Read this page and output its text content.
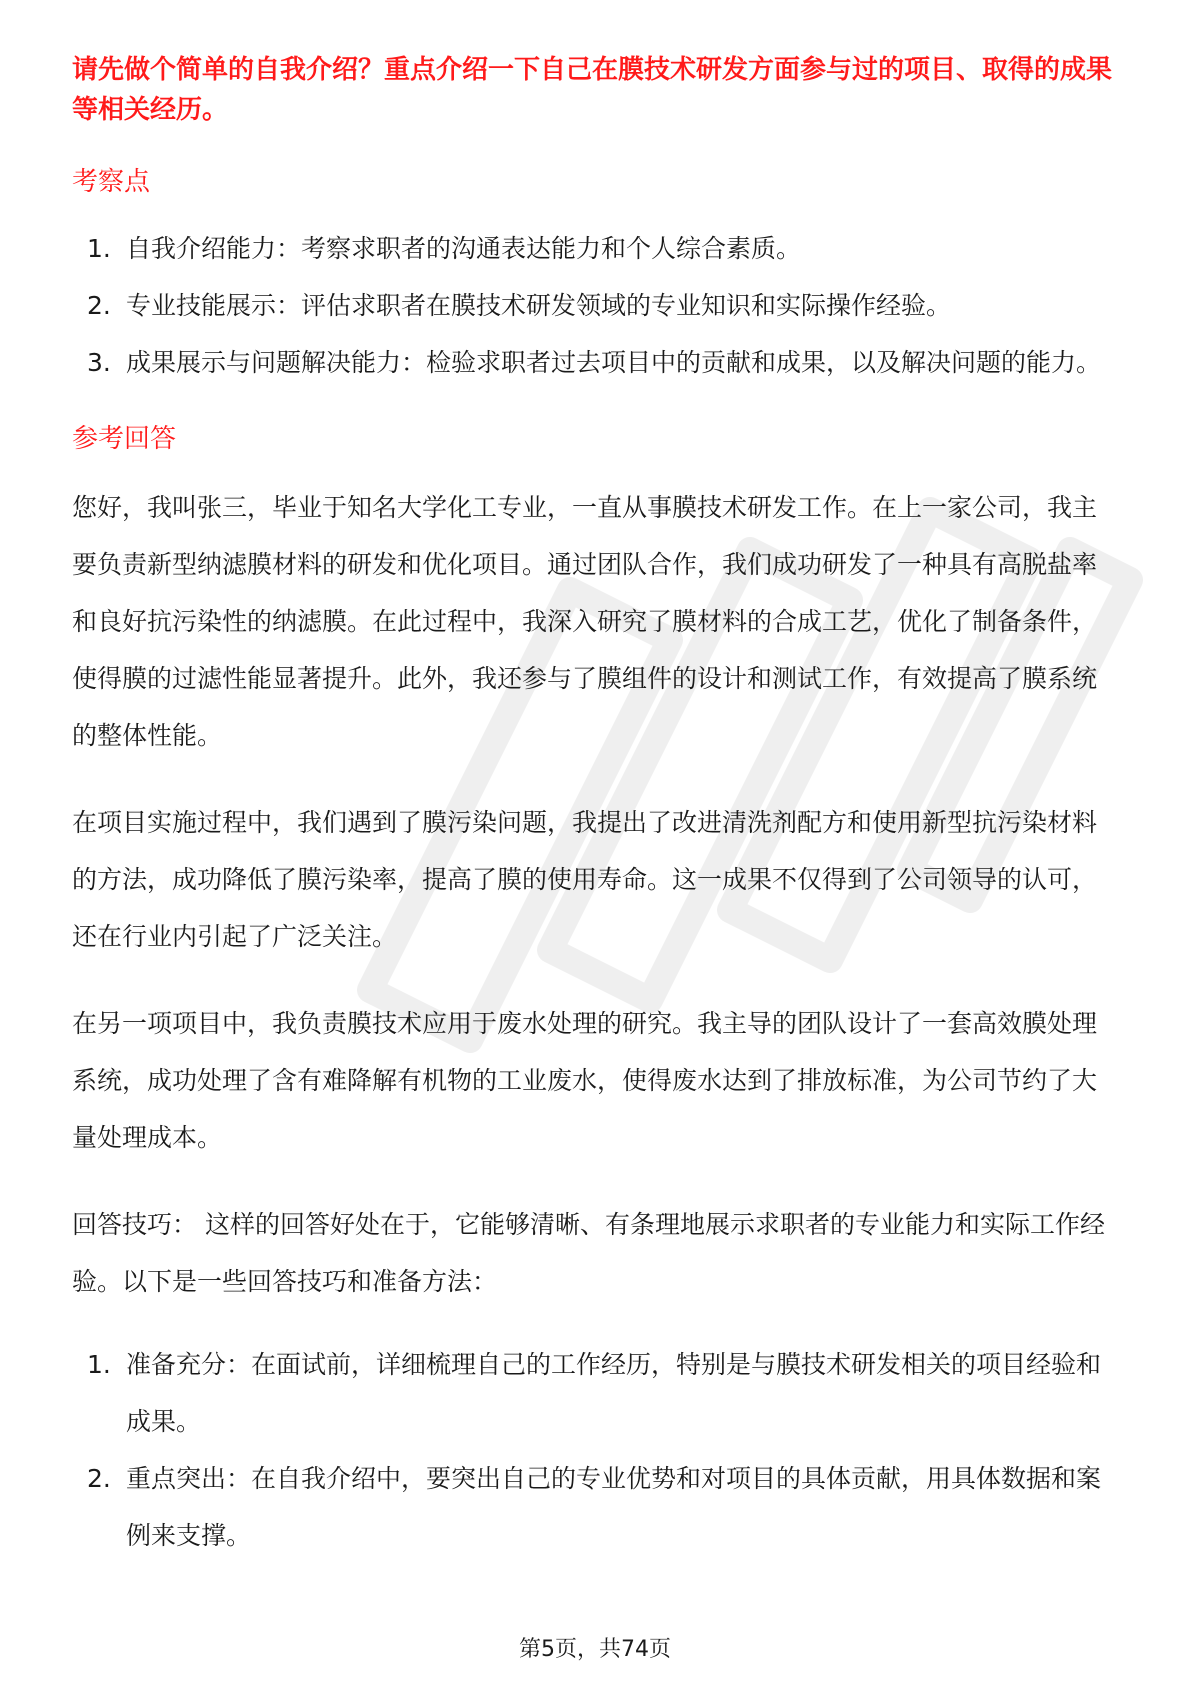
请先做个简单的自我介绍？重点介绍一下自己在膜技术研发方面参与过的项目、取得的成果等相关经历。

考察点
1. 自我介绍能力：考察求职者的沟通表达能力和个人综合素质。
2. 专业技能展示：评估求职者在膜技术研发领域的专业知识和实际操作经验。
3. 成果展示与问题解决能力：检验求职者过去项目中的贡献和成果，以及解决问题的能力。
参考回答

您好，我叫张三，毕业于知名大学化工专业，一直从事膜技术研发工作。在上一家公司，我主要负责新型纳滤膜材料的研发和优化项目。通过团队合作，我们成功研发了一种具有高脱盐率和良好抗污染性的纳滤膜。在此过程中，我深入研究了膜材料的合成工艺，优化了制备条件，使得膜的过滤性能显著提升。此外，我还参与了膜组件的设计和测试工作，有效提高了膜系统的整体性能。

在项目实施过程中，我们遇到了膜污染问题，我提出了改进清洗剂配方和使用新型抗污染材料的方法，成功降低了膜污染率，提高了膜的使用寿命。这一成果不仅得到了公司领导的认可，还在行业内引起了广泛关注。

在另一项项目中，我负责膜技术应用于废水处理的研究。我主导的团队设计了一套高效膜处理系统，成功处理了含有难降解有机物的工业废水，使得废水达到了排放标准，为公司节约了大量处理成本。

回答技巧： 这样的回答好处在于，它能够清晰、有条理地展示求职者的专业能力和实际工作经验。以下是一些回答技巧和准备方法：

1. 准备充分：在面试前，详细梳理自己的工作经历，特别是与膜技术研发相关的项目经验和成果。
2. 重点突出：在自我介绍中，要突出自己的专业优势和对项目的具体贡献，用具体数据和案例来支撑。
第5页，共74页
